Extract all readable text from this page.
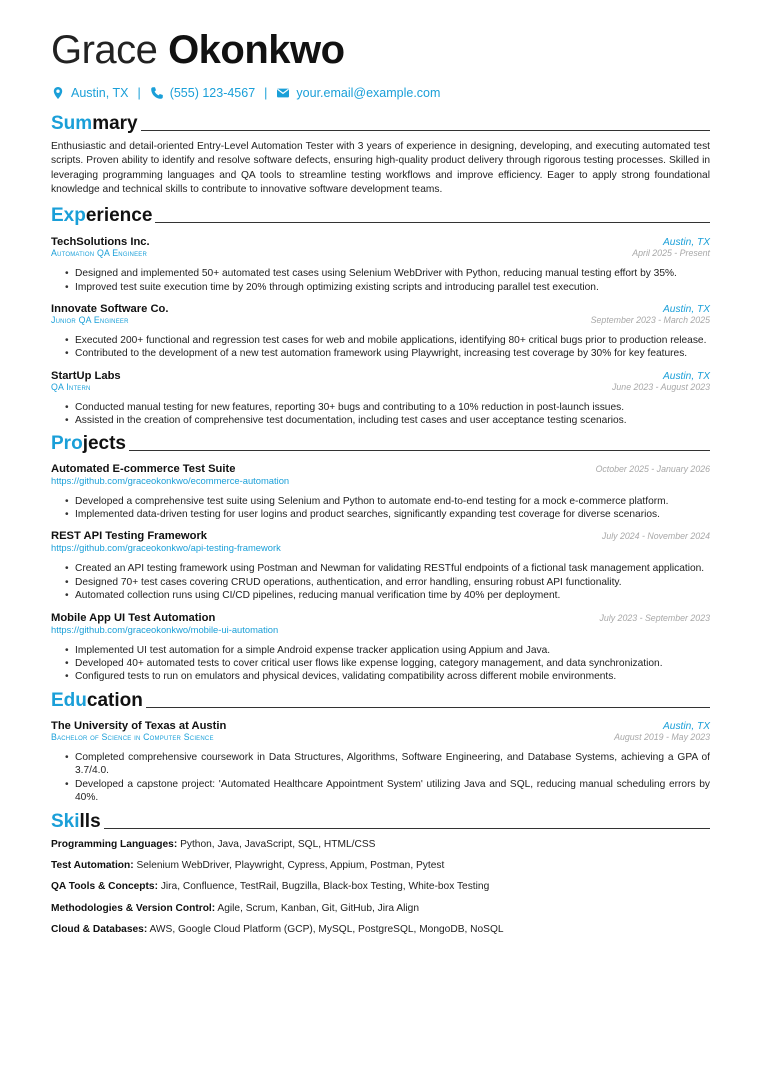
Grace Okonkwo
Austin, TX | (555) 123-4567 | your.email@example.com
Summary
Enthusiastic and detail-oriented Entry-Level Automation Tester with 3 years of experience in designing, developing, and executing automated test scripts. Proven ability to identify and resolve software defects, ensuring high-quality product delivery through rigorous testing processes. Skilled in leveraging programming languages and QA tools to streamline testing workflows and improve efficiency. Eager to apply strong foundational knowledge and technical skills to contribute to innovative software development teams.
Experience
TechSolutions Inc.	Austin, TX
Automation QA Engineer	April 2025 - Present
• Designed and implemented 50+ automated test cases using Selenium WebDriver with Python, reducing manual testing effort by 35%.
• Improved test suite execution time by 20% through optimizing existing scripts and introducing parallel test execution.
Innovate Software Co.	Austin, TX
Junior QA Engineer	September 2023 - March 2025
• Executed 200+ functional and regression test cases for web and mobile applications, identifying 80+ critical bugs prior to production release.
• Contributed to the development of a new test automation framework using Playwright, increasing test coverage by 30% for key features.
StartUp Labs	Austin, TX
QA Intern	June 2023 - August 2023
• Conducted manual testing for new features, reporting 30+ bugs and contributing to a 10% reduction in post-launch issues.
• Assisted in the creation of comprehensive test documentation, including test cases and user acceptance testing scenarios.
Projects
Automated E-commerce Test Suite	October 2025 - January 2026
https://github.com/graceokonkwo/ecommerce-automation
• Developed a comprehensive test suite using Selenium and Python to automate end-to-end testing for a mock e-commerce platform.
• Implemented data-driven testing for user logins and product searches, significantly expanding test coverage for diverse scenarios.
REST API Testing Framework	July 2024 - November 2024
https://github.com/graceokonkwo/api-testing-framework
• Created an API testing framework using Postman and Newman for validating RESTful endpoints of a fictional task management application.
• Designed 70+ test cases covering CRUD operations, authentication, and error handling, ensuring robust API functionality.
• Automated collection runs using CI/CD pipelines, reducing manual verification time by 40% per deployment.
Mobile App UI Test Automation	July 2023 - September 2023
https://github.com/graceokonkwo/mobile-ui-automation
• Implemented UI test automation for a simple Android expense tracker application using Appium and Java.
• Developed 40+ automated tests to cover critical user flows like expense logging, category management, and data synchronization.
• Configured tests to run on emulators and physical devices, validating compatibility across different mobile environments.
Education
The University of Texas at Austin	Austin, TX
Bachelor of Science in Computer Science	August 2019 - May 2023
• Completed comprehensive coursework in Data Structures, Algorithms, Software Engineering, and Database Systems, achieving a GPA of 3.7/4.0.
• Developed a capstone project: 'Automated Healthcare Appointment System' utilizing Java and SQL, reducing manual scheduling errors by 40%.
Skills
Programming Languages: Python, Java, JavaScript, SQL, HTML/CSS
Test Automation: Selenium WebDriver, Playwright, Cypress, Appium, Postman, Pytest
QA Tools & Concepts: Jira, Confluence, TestRail, Bugzilla, Black-box Testing, White-box Testing
Methodologies & Version Control: Agile, Scrum, Kanban, Git, GitHub, Jira Align
Cloud & Databases: AWS, Google Cloud Platform (GCP), MySQL, PostgreSQL, MongoDB, NoSQL
